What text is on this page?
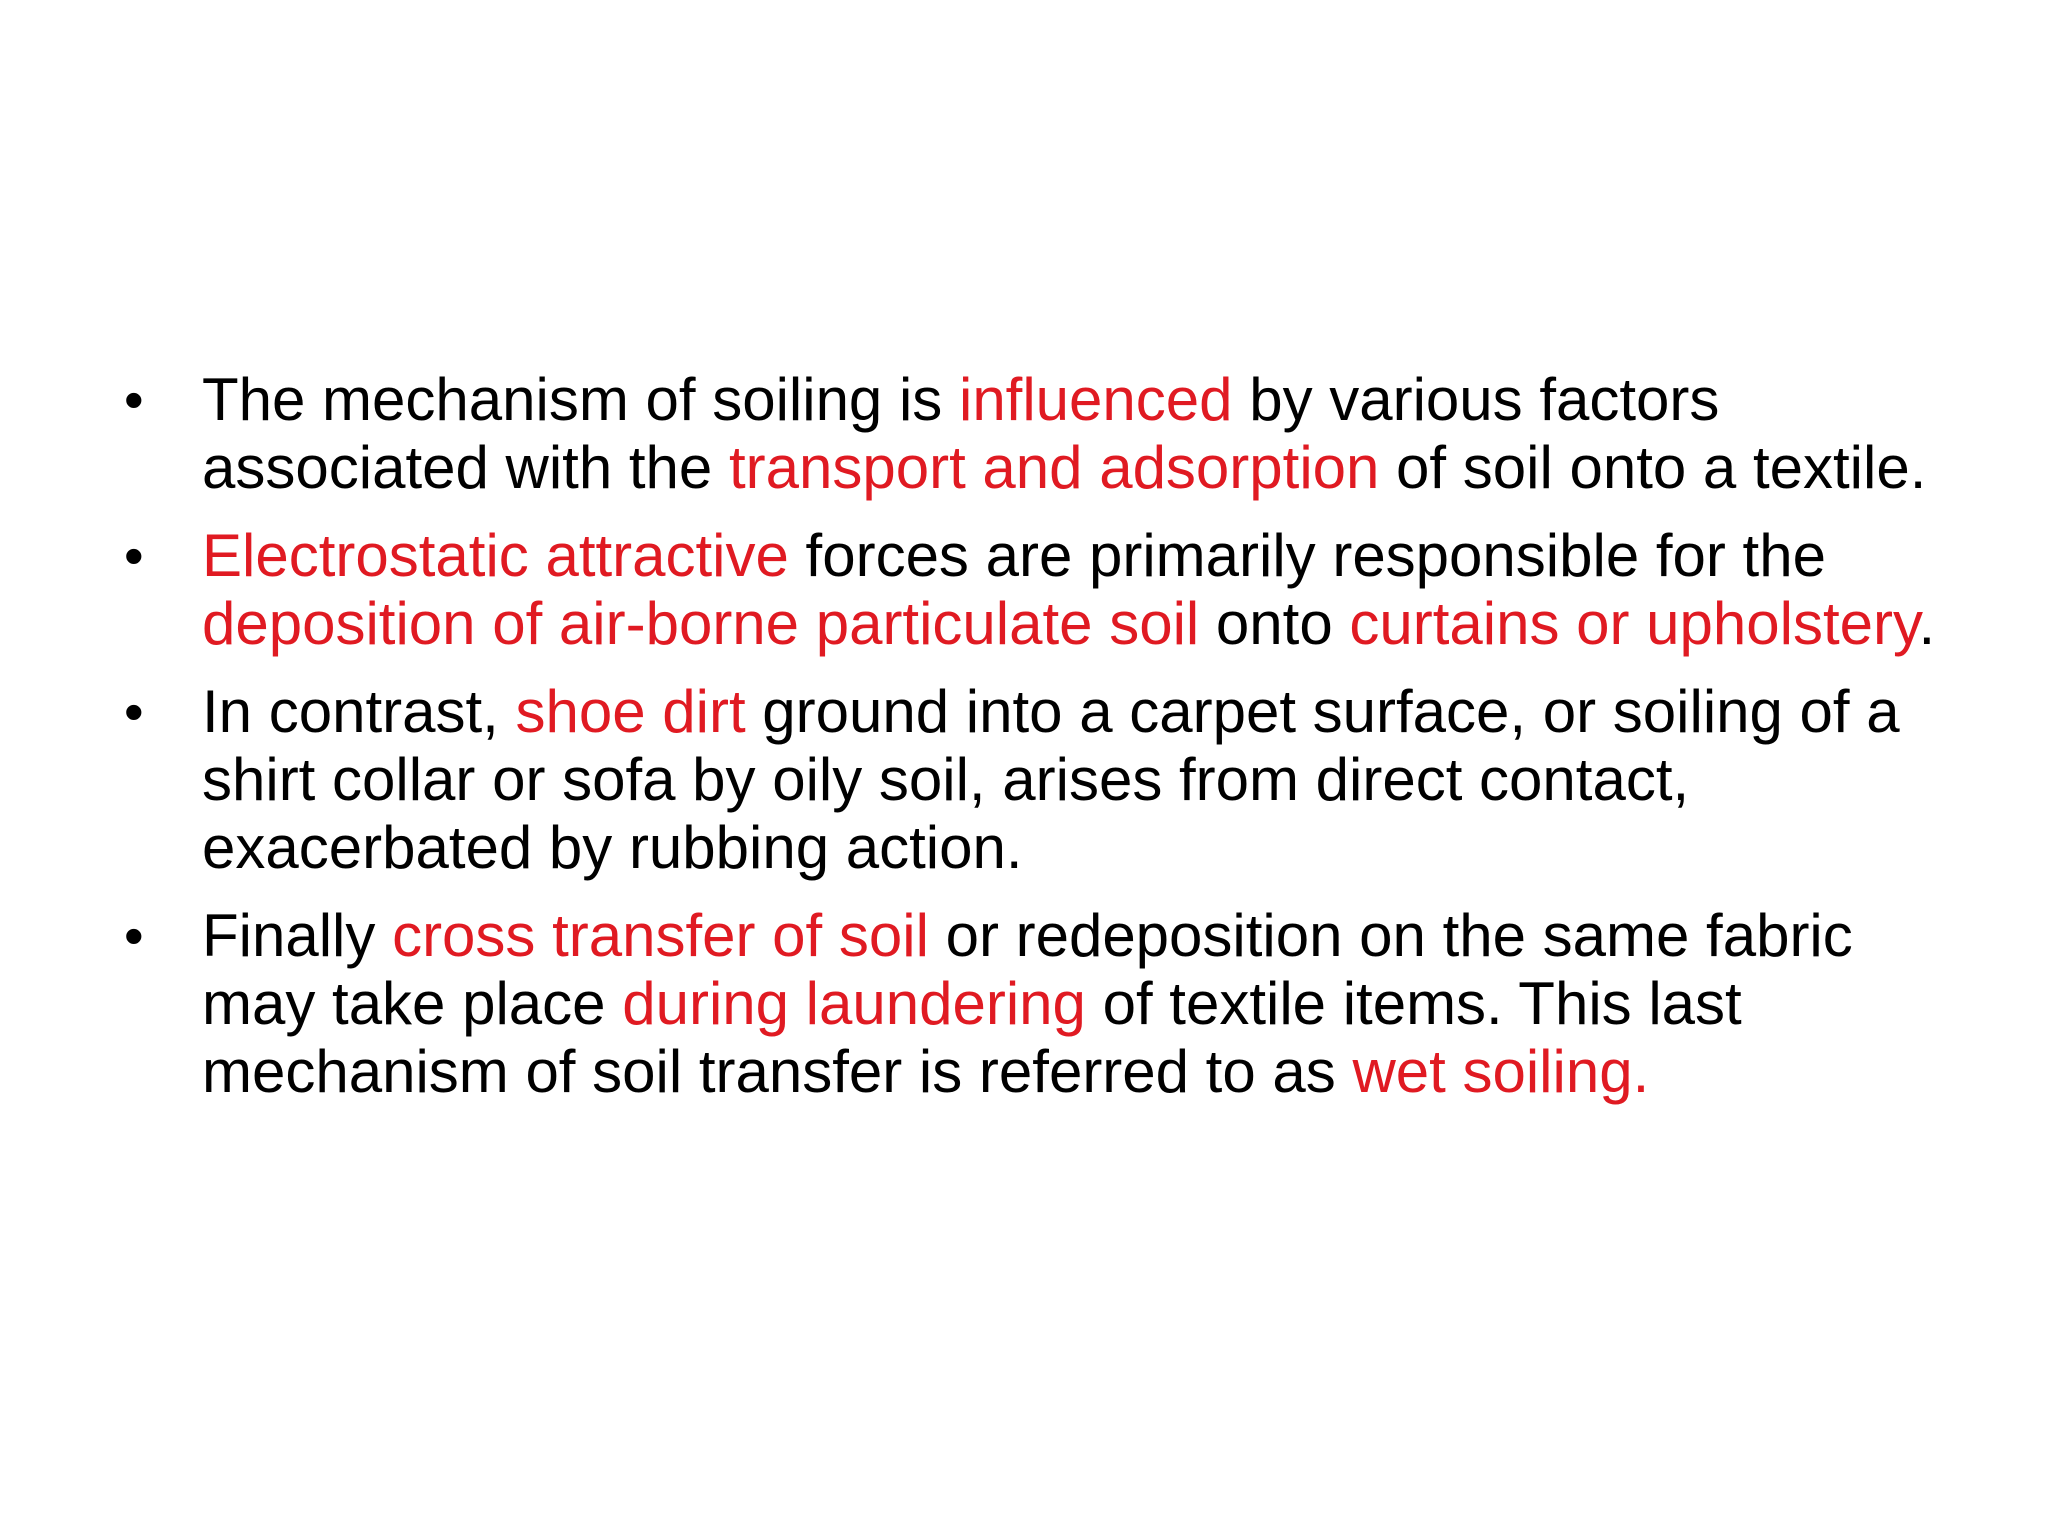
• The mechanism of soiling is influenced by various factors associated with the transport and adsorption of soil onto a textile.
• Electrostatic attractive forces are primarily responsible for the deposition of air-borne particulate soil onto curtains or upholstery.
• In contrast, shoe dirt ground into a carpet surface, or soiling of a shirt collar or sofa by oily soil, arises from direct contact, exacerbated by rubbing action.
• Finally cross transfer of soil or redeposition on the same fabric may take place during laundering of textile items. This last mechanism of soil transfer is referred to as wet soiling.
